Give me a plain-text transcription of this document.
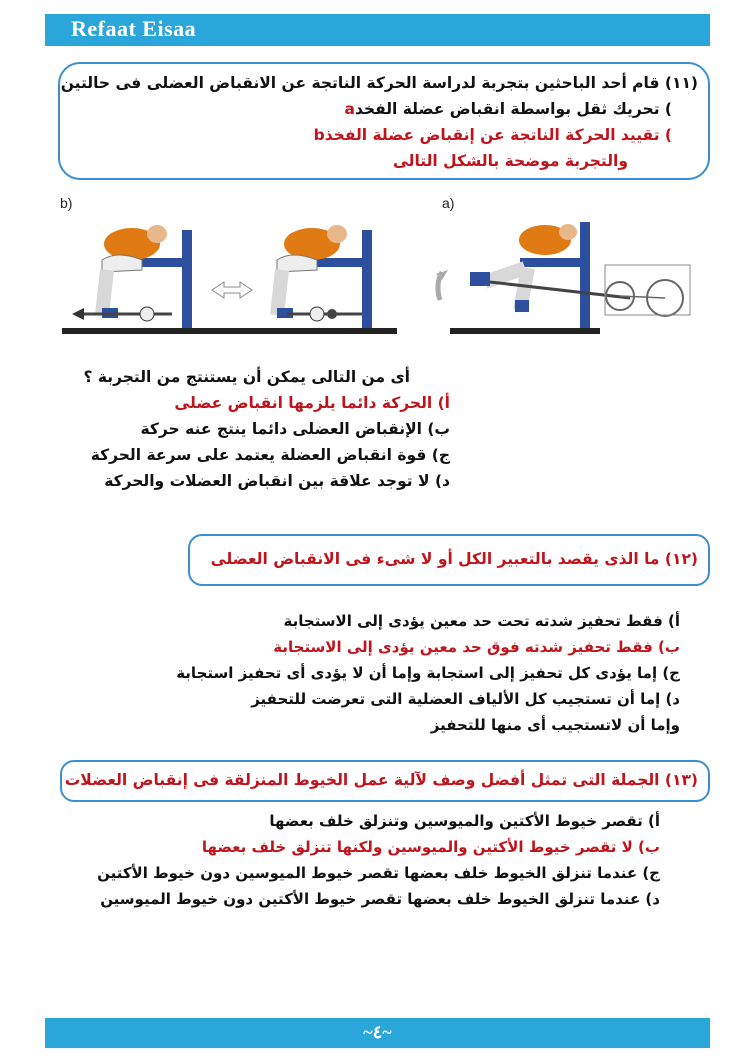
Refaat Eisaa
(١١) قام أحد الباحثين بتجربة لدراسة الحركة الناتجة عن الانقباض العضلى فى حالتين
) تحريك ثقل بواسطة انقباض عضلة الفخدa
) تقييد الحركة الناتجة عن إنقباض عضلة الفخذb
والتجربة موضحة بالشكل التالى
b)	a)
أى من التالى يمكن أن يستنتج من التجربة ؟
أ) الحركة دائما يلزمها انقباض عضلى
ب) الإنقباض العضلى دائما ينتج عنه حركة
ج) قوة انقباض العضلة يعتمد على سرعة الحركة
د) لا توجد علاقة بين انقباض العضلات والحركة
(١٢) ما الذى يقصد بالتعبير الكل أو لا شىء فى الانقباض العضلى
أ) فقط تحفيز شدته تحت حد معين يؤدى إلى الاستجابة
ب) فقط تحفيز شدته فوق حد معين يؤدى إلى الاستجابة
ج) إما يؤدى كل تحفيز إلى استجابة وإما أن لا يؤدى أى تحفيز استجابة
د) إما أن تستجيب كل الألياف العضلية التى تعرضت للتحفيز
وإما أن لاتستجيب أى منها للتحفيز
(١٣) الجملة التى تمثل أفضل وصف لآلية عمل الخيوط المنزلقة فى إنقباض العضلات
أ) تقصر خيوط الأكتين والميوسين وتنزلق خلف بعضها
ب) لا تقصر خيوط الأكتين والميوسين ولكنها تنزلق خلف بعضها
ج) عندما تنزلق الخيوط خلف بعضها تقصر خيوط الميوسين دون خيوط الأكتين
د) عندما تنزلق الخيوط خلف بعضها تقصر خيوط الأكتين دون خيوط الميوسين
~٤~
